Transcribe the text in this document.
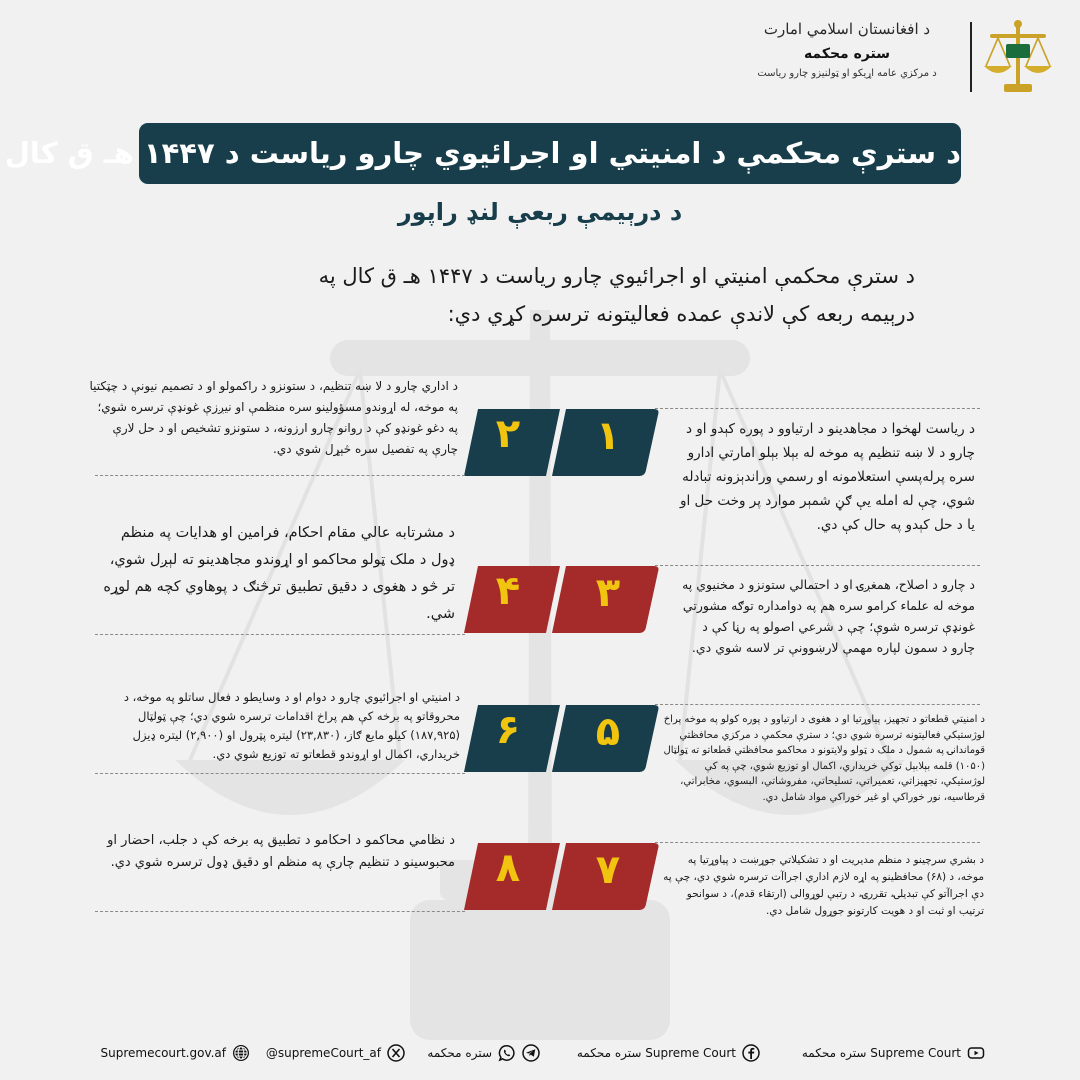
د افغانستان اسلامي امارت
ستره محکمه
د مرکزي عامه اړیکو او ټولنیزو چارو ریاست
د سترې محکمې د امنيتي او اجرائيوي چارو رياست د ۱۴۴۷ هـ ق کال
د درېيمې ربعې لنډ راپور
د سترې محکمې امنيتي او اجرائيوي چارو رياست د ۱۴۴۷ هـ ق کال په درېيمه ربعه کې لاندې عمده فعاليتونه ترسره کړي دي:
۲	۱
۴	۳
۶	۵
۸	۷
د رياست لهخوا د مجاهدينو د ارتياوو د پوره کېدو او د چارو د لا ښه تنظيم په موخه له بېلا بېلو امارتي ادارو سره پرله‌پسې استعلامونه او رسمي وراندېزونه تبادله شوي، چې له امله يې ګڼ شمېر موارد پر وخت حل او يا د حل کېدو په حال کې دي.
د اداري چارو د لا ښه تنظيم، د ستونزو د راکمولو او د تصميم نيونې د چټکتيا په موخه، له اړوندو مسؤولينو سره منظمې او نيږزې غونډې ترسره شوي؛ په دغو غونډو کې د روانو چارو ارزونه، د ستونزو تشخيص او د حل لارې چارې په تفصيل سره څېړل شوي دي.
د چارو د اصلاح، همغږۍ او د احتمالي ستونزو د مخنيوي په موخه له علماء کرامو سره هم په دوامداره توګه مشورتي غونډې ترسره شوې؛ چې د شرعي اصولو په رڼا کې د چارو د سمون لپاره مهمې لارښوونې تر لاسه شوي دي.
د مشرتابه عالي مقام احکام، فرامين او هدايات په منظم ډول د ملک ټولو محاکمو او اړوندو مجاهدينو ته لېږل شوي، تر څو د هغوی د دقيق تطبيق ترڅنګ د پوهاوي کچه هم لوړه شي.
د امنيتي قطعاتو د تجهيز، پياوړتيا او د هغوی د ارتياوو د پوره کولو په موخه پراخ لوژستيکي فعاليتونه ترسره شوي دي؛ د سترې محکمې د مرکزي محافظتي قوماندانۍ په شمول د ملک د ټولو ولايتونو د محاکمو محافظتي قطعاتو ته ټولټال (۱۰۵۰) قلمه بېلابېل توکي خريداري، اکمال او توزيع شوي، چې په کې لوژستيکي، تجهيزاتي، تعميراتي، تسليحاتي، مفروشاتي، البسوي، مخابراتي، قرطاسيه، نور خوراکي او غير خوراکي مواد شامل دي.
د امنيتي او اجرائيوي چارو د دوام او د وسايطو د فعال ساتلو په موخه، د محروقاتو په برخه کې هم پراخ اقدامات ترسره شوي دي؛ چې ټولټال (۱۸۷,۹۲۵) کيلو مايع ګاز، (۲۳,۸۳۰) ليتره پټرول او (۲,۹۰۰) ليتره ډيزل خريداري، اکمال او اړوندو قطعاتو ته توزيع شوي دي.
د بشري سرچينو د منظم مديريت او د تشکيلاتي جوړښت د پياوړتيا په موخه، د (۶۸) محافظينو په اړه لازم اداري اجراآت ترسره شوي دي، چې په دې اجراآتو کې تبديلۍ، تقررۍ، د رتبې لوړوالی (ارتقاء قدم)، د سوانحو ترتيب او ثبت او د هويت کارتونو جوړول شامل دي.
د نظامي محاکمو د احکامو د تطبيق په برخه کې د جلب، احضار او محبوسينو د تنظيم چارې په منظم او دقيق ډول ترسره شوي دي.
ستره محکمه Supreme Court
ستره محکمه Supreme Court
ستره محکمه
@supremeCourt_af
Supremecourt.gov.af
